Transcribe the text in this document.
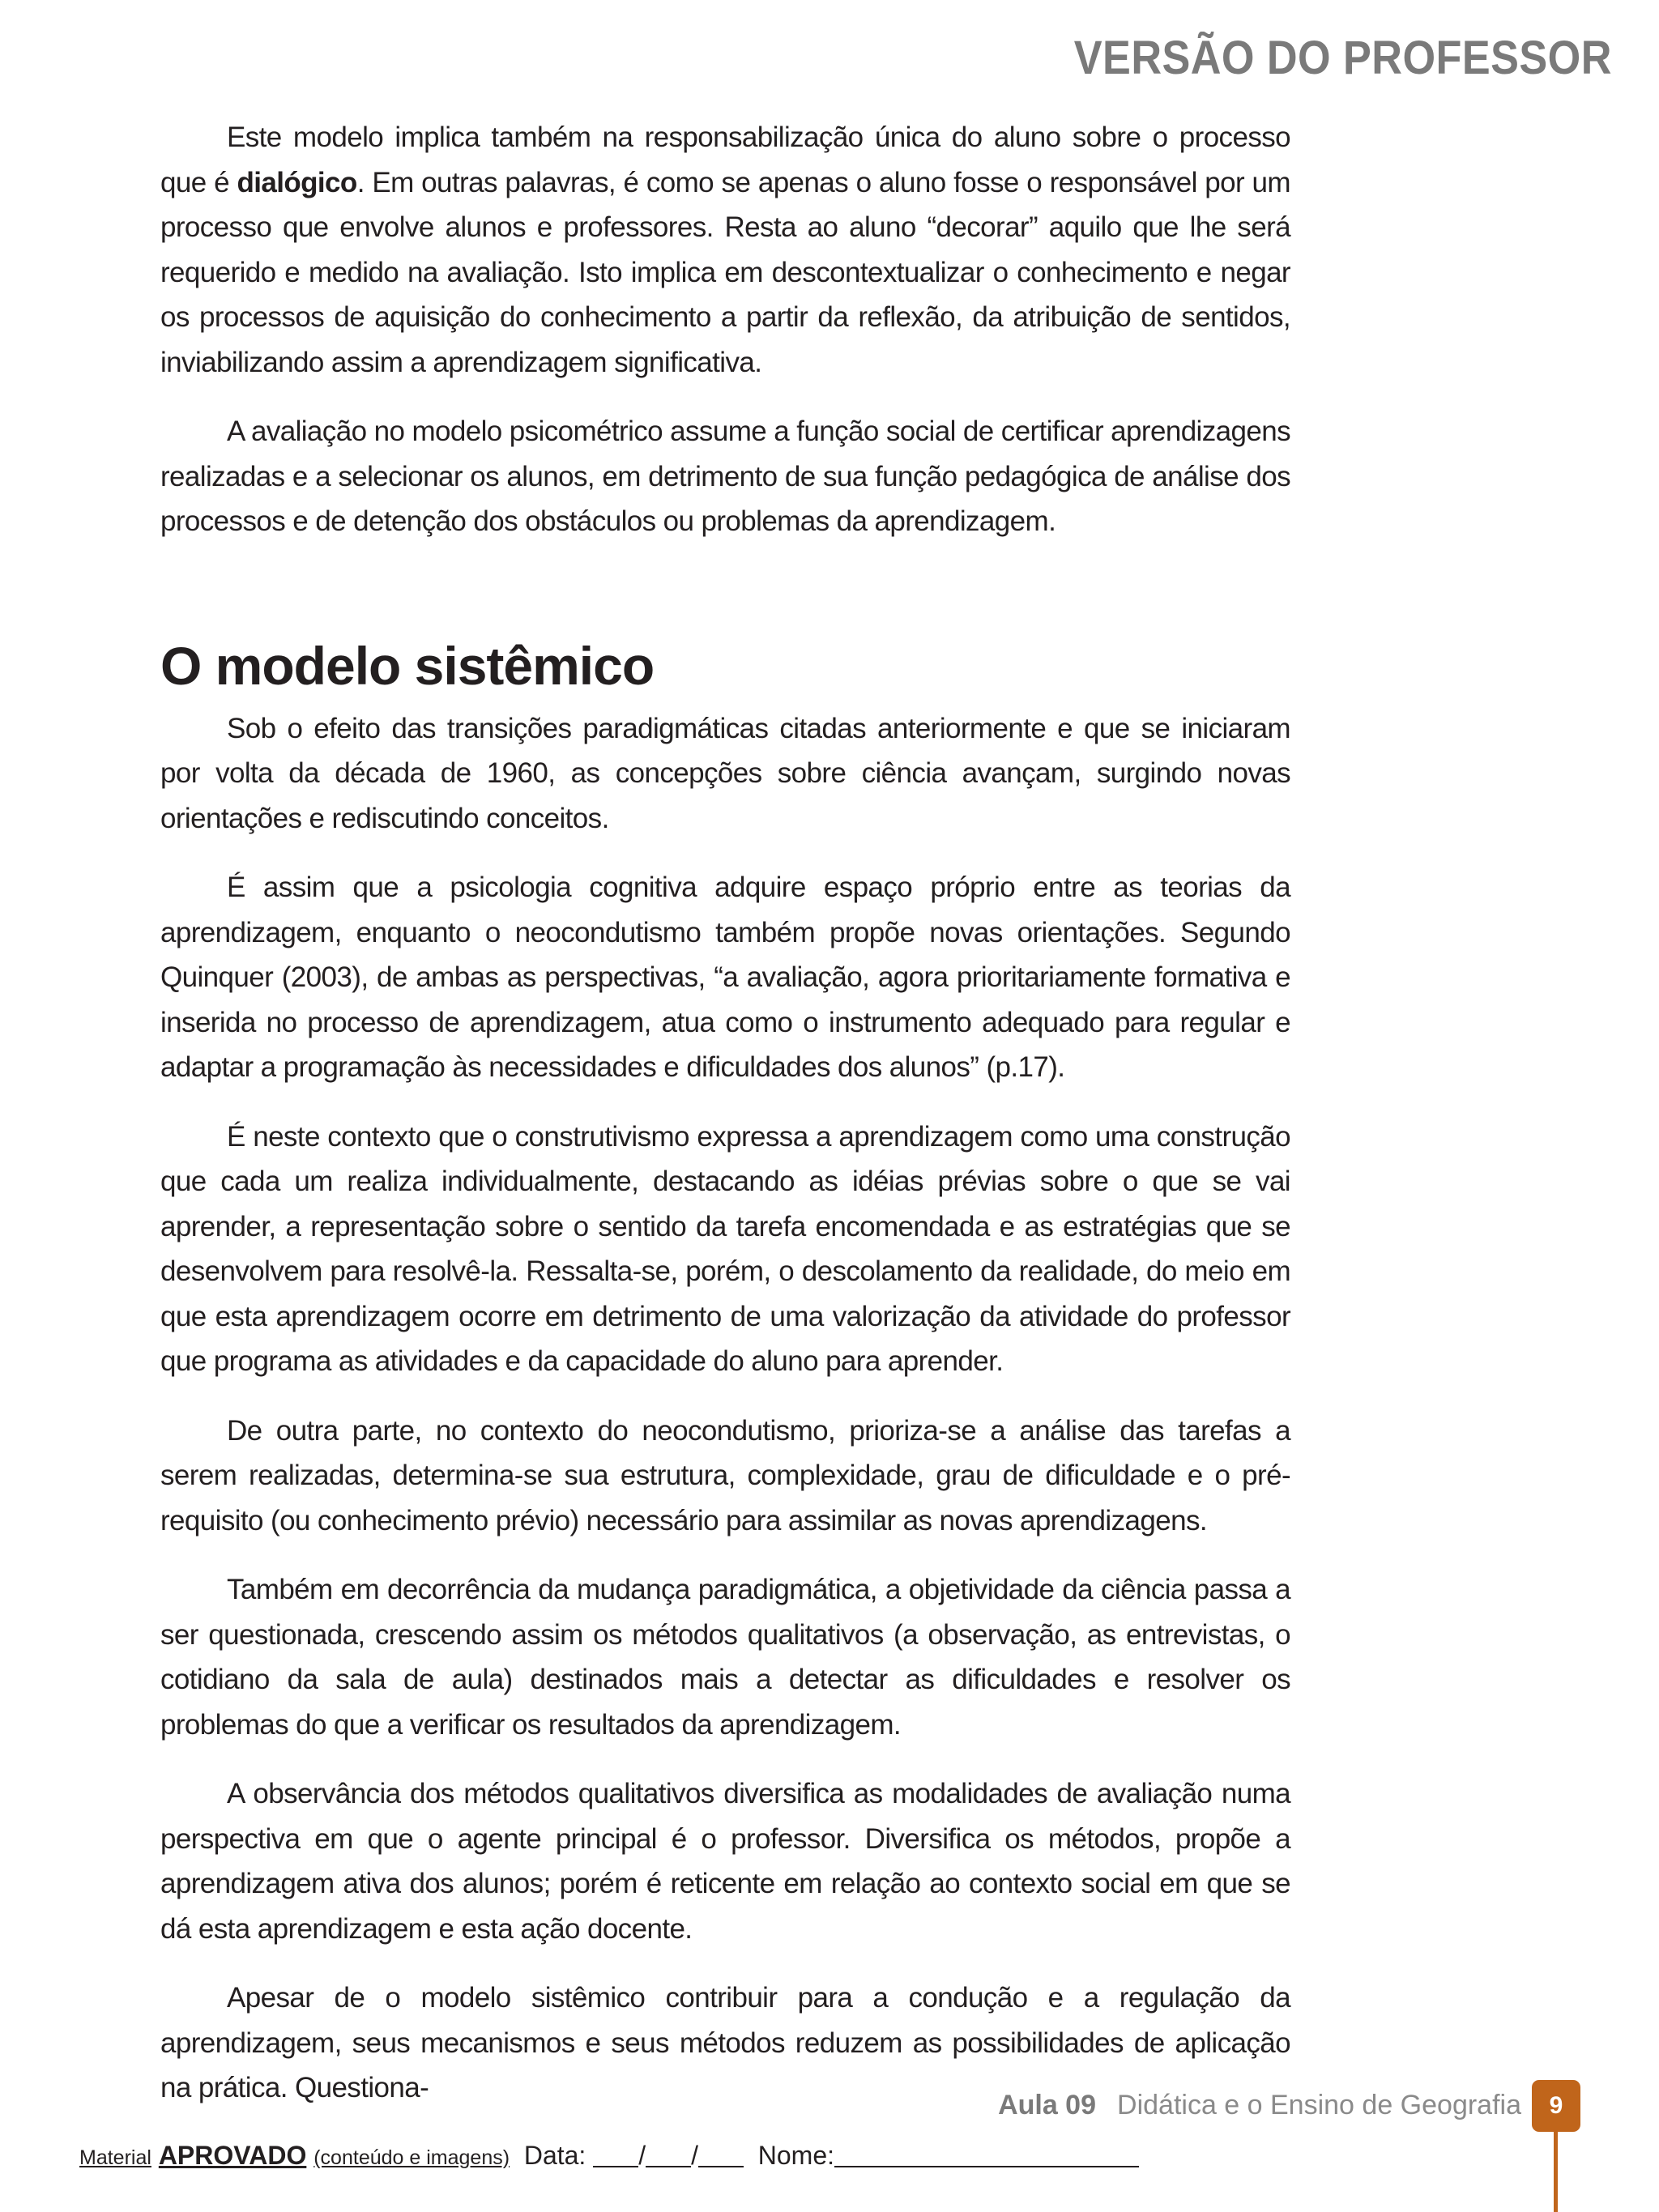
VERSÃO DO PROFESSOR

Este modelo implica também na responsabilização única do aluno sobre o processo que é dialógico. Em outras palavras, é como se apenas o aluno fosse o responsável por um processo que envolve alunos e professores. Resta ao aluno “decorar” aquilo que lhe será requerido e medido na avaliação. Isto implica em descontextualizar o conhecimento e negar os processos de aquisição do conhecimento a partir da reflexão, da atribuição de sentidos, inviabilizando assim a aprendizagem significativa.

A avaliação no modelo psicométrico assume a função social de certificar aprendizagens realizadas e a selecionar os alunos, em detrimento de sua função pedagógica de análise dos processos e de detenção dos obstáculos ou problemas da aprendizagem.

O modelo sistêmico

Sob o efeito das transições paradigmáticas citadas anteriormente e que se iniciaram por volta da década de 1960, as concepções sobre ciência avançam, surgindo novas orientações e rediscutindo conceitos.

É assim que a psicologia cognitiva adquire espaço próprio entre as teorias da aprendizagem, enquanto o neocondutismo também propõe novas orientações. Segundo Quinquer (2003), de ambas as perspectivas, “a avaliação, agora prioritariamente formativa e inserida no processo de aprendizagem, atua como o instrumento adequado para regular e adaptar a programação às necessidades e dificuldades dos alunos” (p.17).

É neste contexto que o construtivismo expressa a aprendizagem como uma construção que cada um realiza individualmente, destacando as idéias prévias sobre o que se vai aprender, a representação sobre o sentido da tarefa encomendada e as estratégias que se desenvolvem para resolvê-la. Ressalta-se, porém, o descolamento da realidade, do meio em que esta aprendizagem ocorre em detrimento de uma valorização da atividade do professor que programa as atividades e da capacidade do aluno para aprender.

De outra parte, no contexto do neocondutismo, prioriza-se a análise das tarefas a serem realizadas, determina-se sua estrutura, complexidade, grau de dificuldade e o pré-requisito (ou conhecimento prévio) necessário para assimilar as novas aprendizagens.

Também em decorrência da mudança paradigmática, a objetividade da ciência passa a ser questionada, crescendo assim os métodos qualitativos (a observação, as entrevistas, o cotidiano da sala de aula) destinados mais a detectar as dificuldades e resolver os problemas do que a verificar os resultados da aprendizagem.

A observância dos métodos qualitativos diversifica as modalidades de avaliação numa perspectiva em que o agente principal é o professor. Diversifica os métodos, propõe a aprendizagem ativa dos alunos; porém é reticente em relação ao contexto social em que se dá esta aprendizagem e esta ação docente.

Apesar de o modelo sistêmico contribuir para a condução e a regulação da aprendizagem, seus mecanismos e seus métodos reduzem as possibilidades de aplicação na prática. Questiona-

Aula 09 Didática e o Ensino de Geografia	9
Material APROVADO (conteúdo e imagens) Data: / / Nome:
